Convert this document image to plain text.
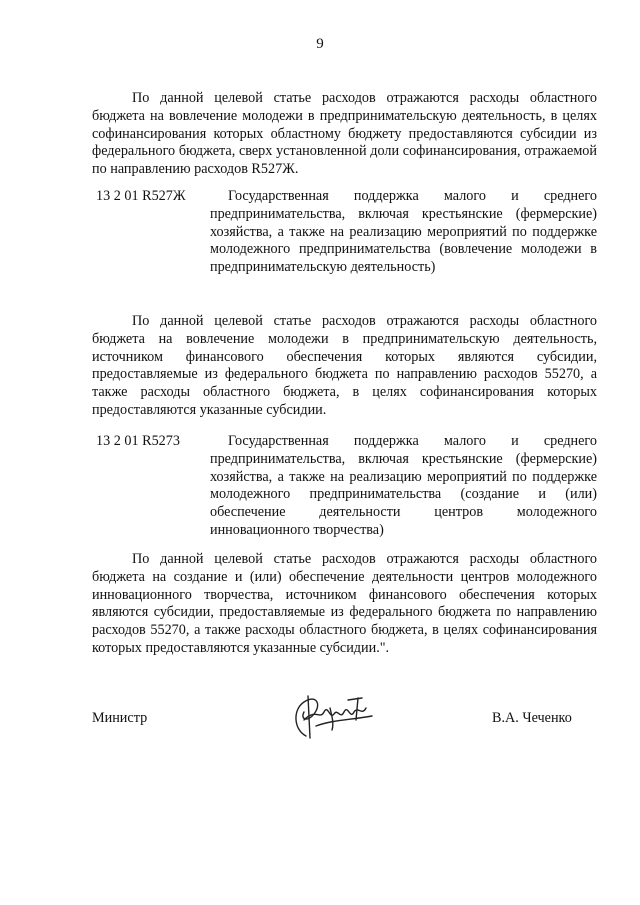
9

По данной целевой статье расходов отражаются расходы областного бюджета на вовлечение молодежи в предпринимательскую деятельность, в целях софинансирования которых областному бюджету предоставляются субсидии из федерального бюджета, сверх установленной доли софинансирования, отражаемой по направлению расходов R527Ж.

13 2 01 R527Ж	Государственная поддержка малого и среднего предпринимательства, включая крестьянские (фермерские) хозяйства, а также на реализацию мероприятий по поддержке молодежного предпринимательства (вовлечение молодежи в предпринимательскую деятельность)

По данной целевой статье расходов отражаются расходы областного бюджета на вовлечение молодежи в предпринимательскую деятельность, источником финансового обеспечения которых являются субсидии, предоставляемые из федерального бюджета по направлению расходов 55270, а также расходы областного бюджета, в целях софинансирования которых предоставляются указанные субсидии.

13 2 01 R5273	Государственная поддержка малого и среднего предпринимательства, включая крестьянские (фермерские) хозяйства, а также на реализацию мероприятий по поддержке молодежного предпринимательства (создание и (или) обеспечение деятельности центров молодежного инновационного творчества)

По данной целевой статье расходов отражаются расходы областного бюджета на создание и (или) обеспечение деятельности центров молодежного инновационного творчества, источником финансового обеспечения которых являются субсидии, предоставляемые из федерального бюджета по направлению расходов 55270, а также расходы областного бюджета, в целях софинансирования которых предоставляются указанные субсидии.".

Министр	В.А. Чеченко
